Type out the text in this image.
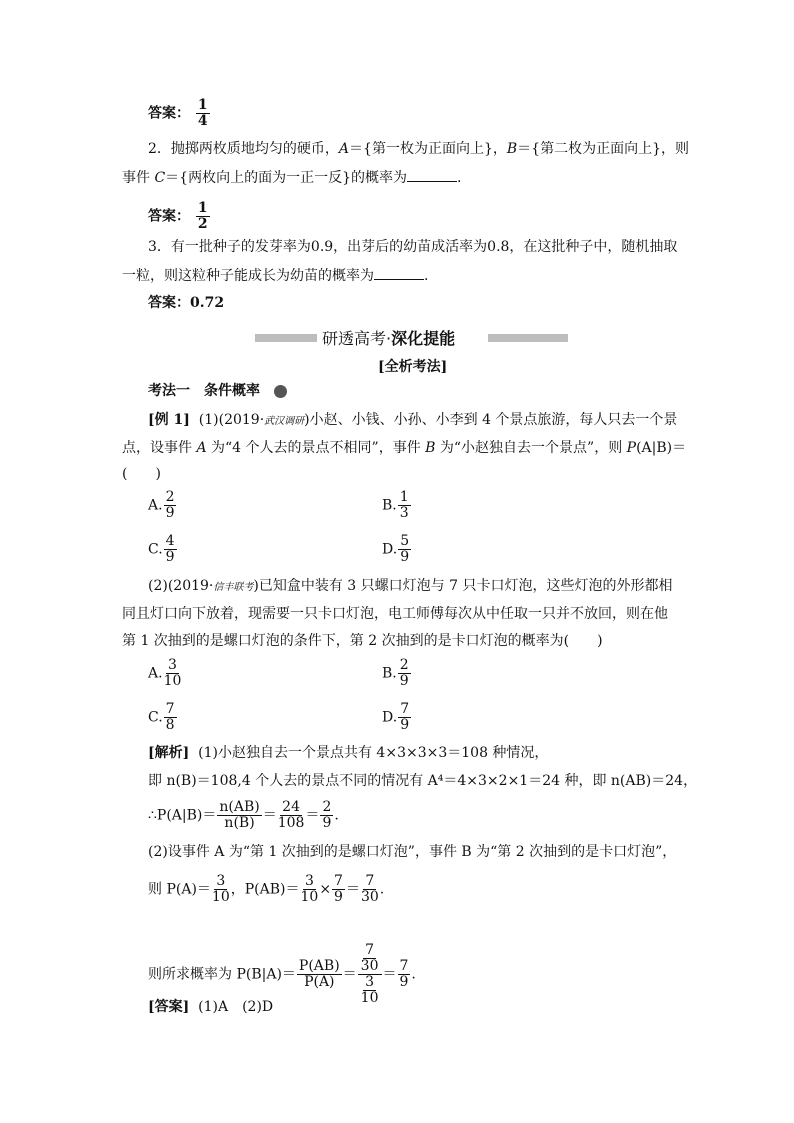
答案： $\frac{1}{4}$
2．抛掷两枚质地均匀的硬币，A＝{第一枚为正面向上}，B＝{第二枚为正面向上}，则
事件 C＝{两枚向上的面为一正一反}的概率为	.
答案： $\frac{1}{2}$
3．有一批种子的发芽率为0.9，出芽后的幼苗成活率为0.8，在这批种子中，随机抽取
一粒，则这粒种子能成长为幼苗的概率为	.
答案：0.72
研透高考·深化提能
[全析考法]
考法一　条件概率
[例 1] (1)(2019·武汉调研)小赵、小钱、小孙、小李到 4 个景点旅游，每人只去一个景
点，设事件 A 为“4 个人去的景点不相同”，事件 B 为“小赵独自去一个景点”，则 P(A|B)＝
(　　)
A. $\frac{2}{9}$	B. $\frac{1}{3}$
C. $\frac{4}{9}$	D. $\frac{5}{9}$
(2)(2019·信丰联考)已知盒中装有 3 只螺口灯泡与 7 只卡口灯泡，这些灯泡的外形都相
同且灯口向下放着，现需要一只卡口灯泡，电工师傅每次从中任取一只并不放回，则在他
第 1 次抽到的是螺口灯泡的条件下，第 2 次抽到的是卡口灯泡的概率为(　　)
A. $\frac{3}{10}$	B. $\frac{2}{9}$
C. $\frac{7}{8}$	D. $\frac{7}{9}$
[解析] (1)小赵独自去一个景点共有 4×3×3×3＝108 种情况，
即 n(B)＝108,4 个人去的景点不同的情况有 A⁴＝4×3×2×1＝24 种，即 n(AB)＝24，
∴P(A|B)＝ $\frac{n(AB)}{n(B)} = \frac{24}{108} = \frac{2}{9}$ .
(2)设事件 A 为“第 1 次抽到的是螺口灯泡”，事件 B 为“第 2 次抽到的是卡口灯泡”，
则 $P(A)= \frac{3}{10}$ ，$P(AB)= \frac{3}{10} \times \frac{7}{9} = \frac{7}{30}$ .
则所求概率为 $P(B|A)= \frac{P(AB)}{P(A)} = \frac{\frac{7}{30}}{\frac{3}{10}} = \frac{7}{9}$ .
[答案] (1)A　(2)D
